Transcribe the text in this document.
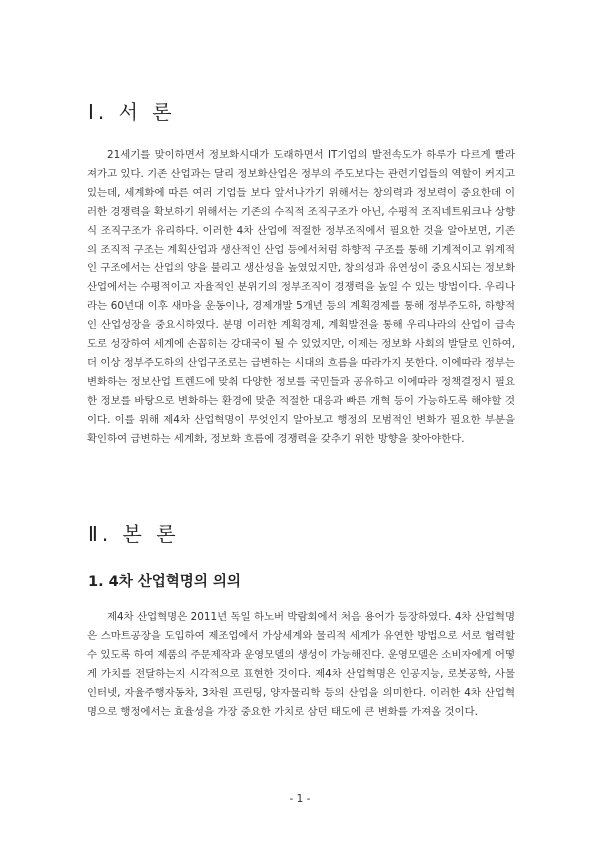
Ⅰ. 서 론

21세기를 맞이하면서 정보화시대가 도래하면서 IT기업의 발전속도가 하루가 다르게 빨라져가고 있다. 기존 산업과는 달리 정보화산업은 정부의 주도보다는 관련기업들의 역할이 커지고 있는데, 세계화에 따른 여러 기업들 보다 앞서나가기 위해서는 창의력과 정보력이 중요한데 이러한 경쟁력을 확보하기 위해서는 기존의 수직적 조직구조가 아닌, 수평적 조직네트워크나 상향식 조직구조가 유리하다. 이러한 4차 산업에 적절한 정부조직에서 필요한 것을 알아보면, 기존의 조직적 구조는 계획산업과 생산적인 산업 등에서처럼 하향적 구조를 통해 기계적이고 위계적인 구조에서는 산업의 양을 불리고 생산성을 높였었지만, 창의성과 유연성이 중요시되는 정보화산업에서는 수평적이고 자율적인 분위기의 정부조직이 경쟁력을 높일 수 있는 방법이다. 우리나라는 60년대 이후 새마을 운동이나, 경제개발 5개년 등의 계획경제를 통해 정부주도하, 하향적인 산업성장을 중요시하였다. 분명 이러한 계획경제, 계획발전을 통해 우리나라의 산업이 급속도로 성장하여 세계에 손꼽히는 강대국이 될 수 있었지만, 이제는 정보화 사회의 발달로 인하여, 더 이상 정부주도하의 산업구조로는 급변하는 시대의 흐름을 따라가지 못한다. 이에따라 정부는 변화하는 정보산업 트렌드에 맞춰 다양한 정보를 국민들과 공유하고 이에따라 정책결정시 필요한 정보를 바탕으로 변화하는 환경에 맞춘 적절한 대응과 빠른 개혁 등이 가능하도록 해야할 것이다. 이를 위해 제4차 산업혁명이 무엇인지 알아보고 행정의 모범적인 변화가 필요한 부분을 확인하여 급변하는 세계화, 정보화 흐름에 경쟁력을 갖추기 위한 방향을 찾아야한다.

Ⅱ. 본 론
1. 4차 산업혁명의 의의

제4차 산업혁명은 2011년 독일 하노버 박람회에서 처음 용어가 등장하였다. 4차 산업혁명은 스마트공장을 도입하여 제조업에서 가상세계와 물리적 세계가 유연한 방법으로 서로 협력할 수 있도록 하여 제품의 주문제작과 운영모델의 생성이 가능해진다. 운영모델은 소비자에게 어떻게 가치를 전달하는지 시각적으로 표현한 것이다. 제4차 산업혁명은 인공지능, 로봇공학, 사물인터넷, 자율주행자동차, 3차원 프린팅, 양자물리학 등의 산업을 의미한다. 이러한 4차 산업혁명으로 행정에서는 효율성을 가장 중요한 가치로 삼던 태도에 큰 변화를 가져올 것이다.

- 1 -
